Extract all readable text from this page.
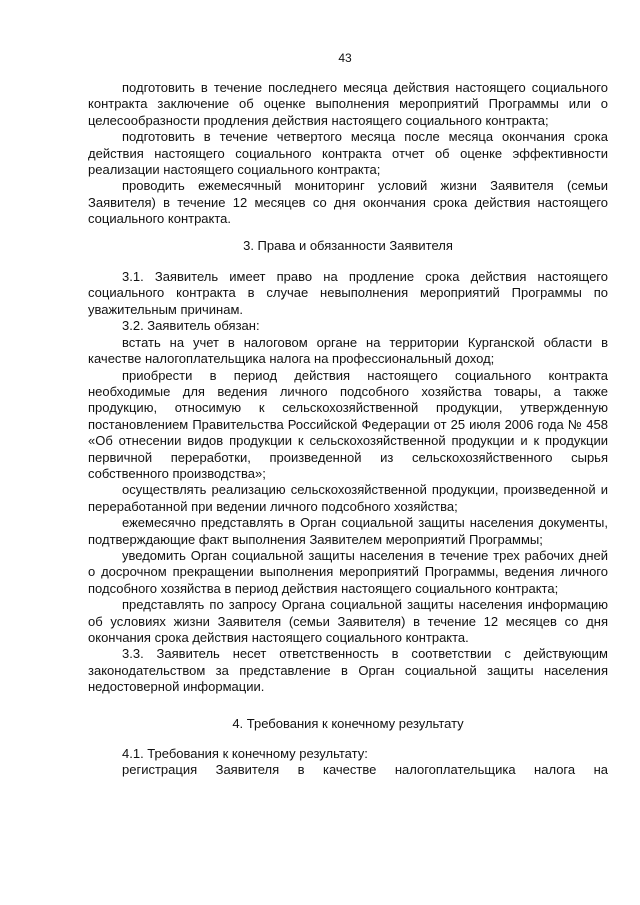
43

подготовить в течение последнего месяца действия настоящего социального контракта заключение об оценке выполнения мероприятий Программы или о целесообразности продления действия настоящего социального контракта;

подготовить в течение четвертого месяца после месяца окончания срока действия настоящего социального контракта отчет об оценке эффективности реализации настоящего социального контракта;

проводить ежемесячный мониторинг условий жизни Заявителя (семьи Заявителя) в течение 12 месяцев со дня окончания срока действия настоящего социального контракта.

3. Права и обязанности Заявителя

3.1. Заявитель имеет право на продление срока действия настоящего социального контракта в случае невыполнения мероприятий Программы по уважительным причинам.

3.2. Заявитель обязан:

встать на учет в налоговом органе на территории Курганской области в качестве налогоплательщика налога на профессиональный доход;

приобрести в период действия настоящего социального контракта необходимые для ведения личного подсобного хозяйства товары, а также продукцию, относимую к сельскохозяйственной продукции, утвержденную постановлением Правительства Российской Федерации от 25 июля 2006 года № 458 «Об отнесении видов продукции к сельскохозяйственной продукции и к продукции первичной переработки, произведенной из сельскохозяйственного сырья собственного производства»;

осуществлять реализацию сельскохозяйственной продукции, произведенной и переработанной при ведении личного подсобного хозяйства;

ежемесячно представлять в Орган социальной защиты населения документы, подтверждающие факт выполнения Заявителем мероприятий Программы;

уведомить Орган социальной защиты населения в течение трех рабочих дней о досрочном прекращении выполнения мероприятий Программы, ведения личного подсобного хозяйства в период действия настоящего социального контракта;

представлять по запросу Органа социальной защиты населения информацию об условиях жизни Заявителя (семьи Заявителя) в течение 12 месяцев со дня окончания срока действия настоящего социального контракта.

3.3. Заявитель несет ответственность в соответствии с действующим законодательством за представление в Орган социальной защиты населения недостоверной информации.

4. Требования к конечному результату

4.1. Требования к конечному результату:

регистрация Заявителя в качестве налогоплательщика налога на
